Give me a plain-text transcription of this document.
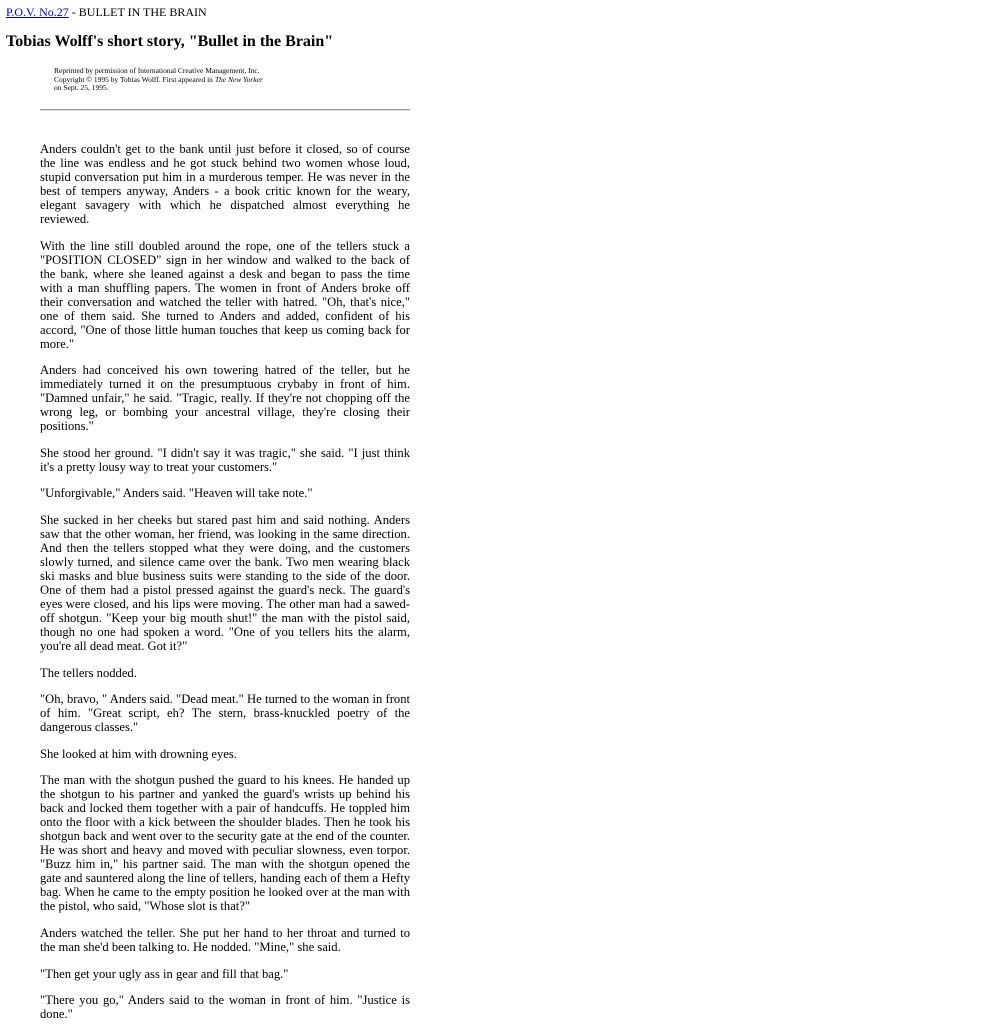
P.O.V. No.27 - BULLET IN THE BRAIN
Tobias Wolff's short story, "Bullet in the Brain"
Reprinted by permission of International Creative Management, Inc.
Copyright © 1995 by Tobias Wolff. First appeared in The New Yorker
on Sept. 25, 1995.

Anders couldn't get to the bank until just before it closed, so of course the line was endless and he got stuck behind two women whose loud, stupid conversation put him in a murderous temper. He was never in the best of tempers anyway, Anders - a book critic known for the weary, elegant savagery with which he dispatched almost everything he reviewed.

With the line still doubled around the rope, one of the tellers stuck a "POSITION CLOSED" sign in her window and walked to the back of the bank, where she leaned against a desk and began to pass the time with a man shuffling papers. The women in front of Anders broke off their conversation and watched the teller with hatred. "Oh, that's nice," one of them said. She turned to Anders and added, confident of his accord, "One of those little human touches that keep us coming back for more."

Anders had conceived his own towering hatred of the teller, but he immediately turned it on the presumptuous crybaby in front of him. "Damned unfair," he said. "Tragic, really. If they're not chopping off the wrong leg, or bombing your ancestral village, they're closing their positions."

She stood her ground. "I didn't say it was tragic," she said. "I just think it's a pretty lousy way to treat your customers."

"Unforgivable," Anders said. "Heaven will take note."

She sucked in her cheeks but stared past him and said nothing. Anders saw that the other woman, her friend, was looking in the same direction. And then the tellers stopped what they were doing, and the customers slowly turned, and silence came over the bank. Two men wearing black ski masks and blue business suits were standing to the side of the door. One of them had a pistol pressed against the guard's neck. The guard's eyes were closed, and his lips were moving. The other man had a sawed-off shotgun. "Keep your big mouth shut!" the man with the pistol said, though no one had spoken a word. "One of you tellers hits the alarm, you're all dead meat. Got it?"

The tellers nodded.

"Oh, bravo, " Anders said. "Dead meat." He turned to the woman in front of him. "Great script, eh? The stern, brass-knuckled poetry of the dangerous classes."

She looked at him with drowning eyes.

The man with the shotgun pushed the guard to his knees. He handed up the shotgun to his partner and yanked the guard's wrists up behind his back and locked them together with a pair of handcuffs. He toppled him onto the floor with a kick between the shoulder blades. Then he took his shotgun back and went over to the security gate at the end of the counter. He was short and heavy and moved with peculiar slowness, even torpor. "Buzz him in," his partner said. The man with the shotgun opened the gate and sauntered along the line of tellers, handing each of them a Hefty bag. When he came to the empty position he looked over at the man with the pistol, who said, "Whose slot is that?"

Anders watched the teller. She put her hand to her throat and turned to the man she'd been talking to. He nodded. "Mine," she said.

"Then get your ugly ass in gear and fill that bag."

"There you go," Anders said to the woman in front of him. "Justice is done."
